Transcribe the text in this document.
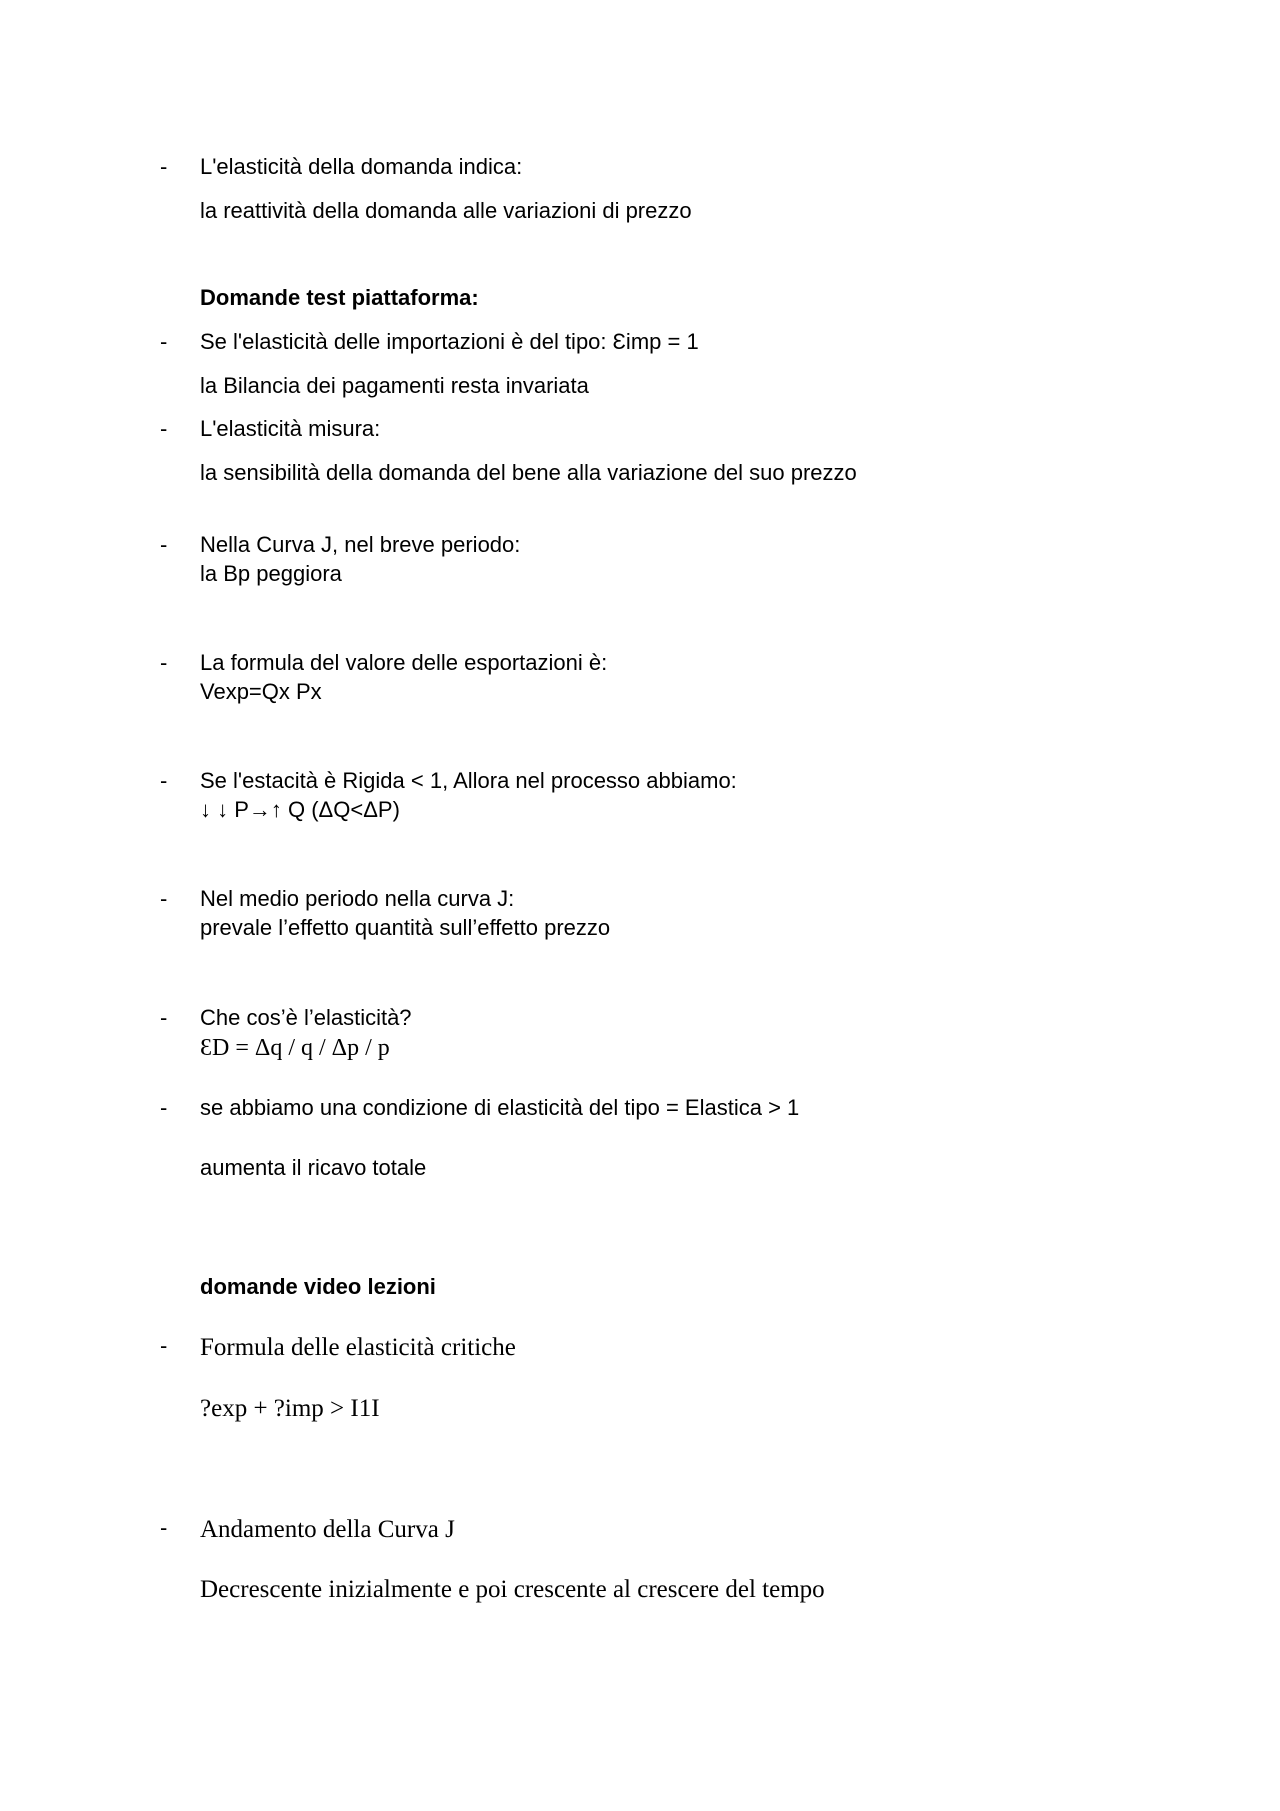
- L'elasticità della domanda indica:
la reattività della domanda alle variazioni di prezzo
Domande test piattaforma:
- Se l'elasticità delle importazioni è del tipo: Ɛimp = 1
la Bilancia dei pagamenti resta invariata
- L'elasticità misura:
la sensibilità della domanda del bene alla variazione del suo prezzo
- Nella Curva J, nel breve periodo:
la Bp peggiora
- La formula del valore delle esportazioni è:
Vexp=Qx Px
- Se l'estacità è Rigida < 1, Allora nel processo abbiamo:
↓ ↓ P→↑ Q (ΔQ<ΔP)
- Nel medio periodo nella curva J:
prevale l’effetto quantità sull’effetto prezzo
- Che cos’è l’elasticità?
ƐD = Δq / q / Δp / p
- se abbiamo una condizione di elasticità del tipo = Elastica > 1
aumenta il ricavo totale
domande video lezioni
- Formula delle elasticità critiche
?exp + ?imp > I1I
- Andamento della Curva J
Decrescente inizialmente e poi crescente al crescere del tempo
